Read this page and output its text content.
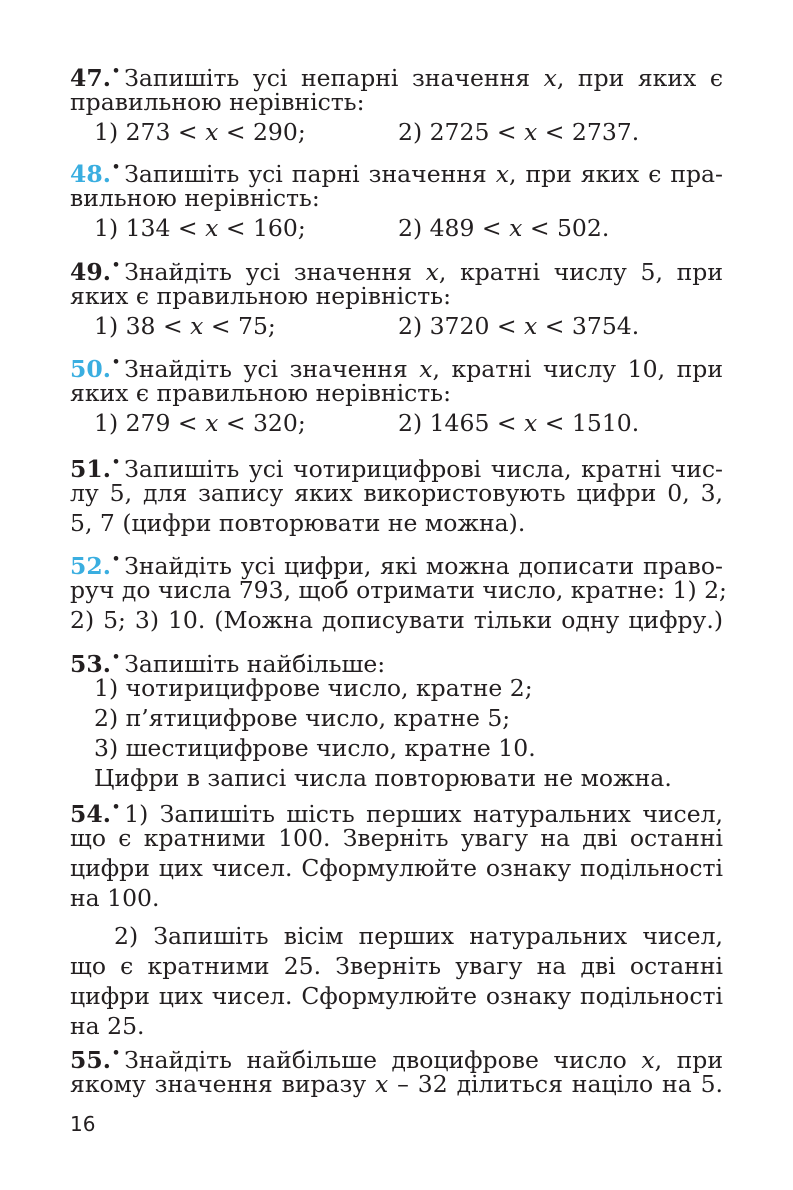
47.• Запишіть усі непарні значення x, при яких є
правильною нерівність:
1) 273 < x < 290;	2) 2725 < x < 2737.
48.• Запишіть усі парні значення x, при яких є пра-
вильною нерівність:
1) 134 < x < 160;	2) 489 < x < 502.
49.• Знайдіть усі значення x, кратні числу 5, при
яких є правильною нерівність:
1) 38 < x < 75;	2) 3720 < x < 3754.
50.• Знайдіть усі значення x, кратні числу 10, при
яких є правильною нерівність:
1) 279 < x < 320;	2) 1465 < x < 1510.
51.• Запишіть усі чотирицифрові числа, кратні чис-
лу 5, для запису яких використовують цифри 0, 3,
5, 7 (цифри повторювати не можна).
52.• Знайдіть усі цифри, які можна дописати право-
руч до числа 793, щоб отримати число, кратне: 1) 2;
2) 5; 3) 10. (Можна дописувати тільки одну цифру.)
53.• Запишіть найбільше:
1) чотирицифрове число, кратне 2;
2) п’ятицифрове число, кратне 5;
3) шестицифрове число, кратне 10.
Цифри в записі числа повторювати не можна.
54.• 1) Запишіть шість перших натуральних чисел,
що є кратними 100. Зверніть увагу на дві останні
цифри цих чисел. Сформулюйте ознаку подільності
на 100.
2) Запишіть вісім перших натуральних чисел,
що є кратними 25. Зверніть увагу на дві останні
цифри цих чисел. Сформулюйте ознаку подільності
на 25.
55.• Знайдіть найбільше двоцифрове число x, при
якому значення виразу x – 32 ділиться націло на 5.
16
